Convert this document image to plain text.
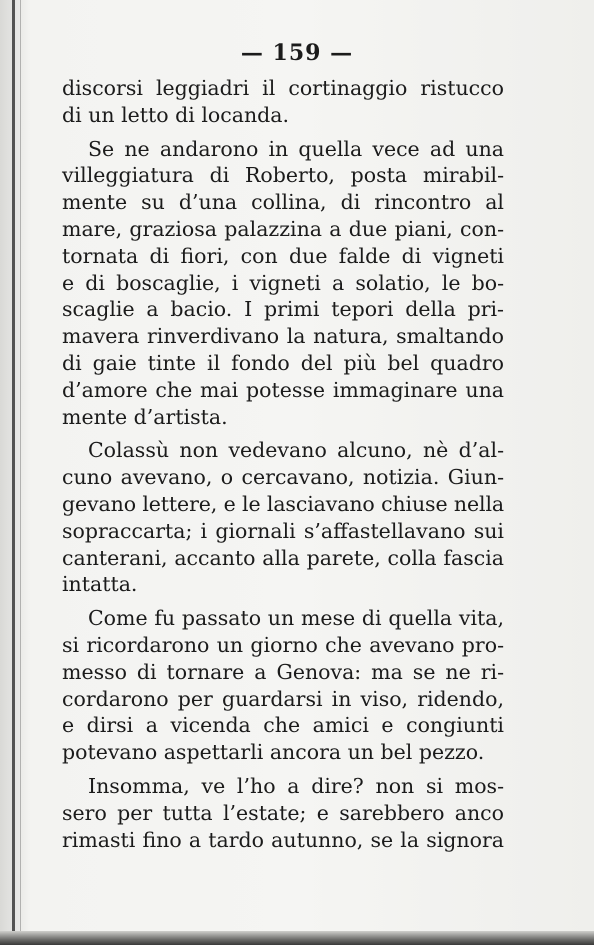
— 159 —
discorsi leggiadri il cortinaggio ristucco
di un letto di locanda.
Se ne andarono in quella vece ad una
villeggiatura di Roberto, posta mirabil-
mente su d’una collina, di rincontro al
mare, graziosa palazzina a due piani, con-
tornata di fiori, con due falde di vigneti
e di boscaglie, i vigneti a solatio, le bo-
scaglie a bacio. I primi tepori della pri-
mavera rinverdivano la natura, smaltando
di gaie tinte il fondo del più bel quadro
d’amore che mai potesse immaginare una
mente d’artista.
Colassù non vedevano alcuno, nè d’al-
cuno avevano, o cercavano, notizia. Giun-
gevano lettere, e le lasciavano chiuse nella
sopraccarta; i giornali s’affastellavano sui
canterani, accanto alla parete, colla fascia
intatta.
Come fu passato un mese di quella vita,
si ricordarono un giorno che avevano pro-
messo di tornare a Genova: ma se ne ri-
cordarono per guardarsi in viso, ridendo,
e dirsi a vicenda che amici e congiunti
potevano aspettarli ancora un bel pezzo.
Insomma, ve l’ho a dire? non si mos-
sero per tutta l’estate; e sarebbero anco
rimasti fino a tardo autunno, se la signora
